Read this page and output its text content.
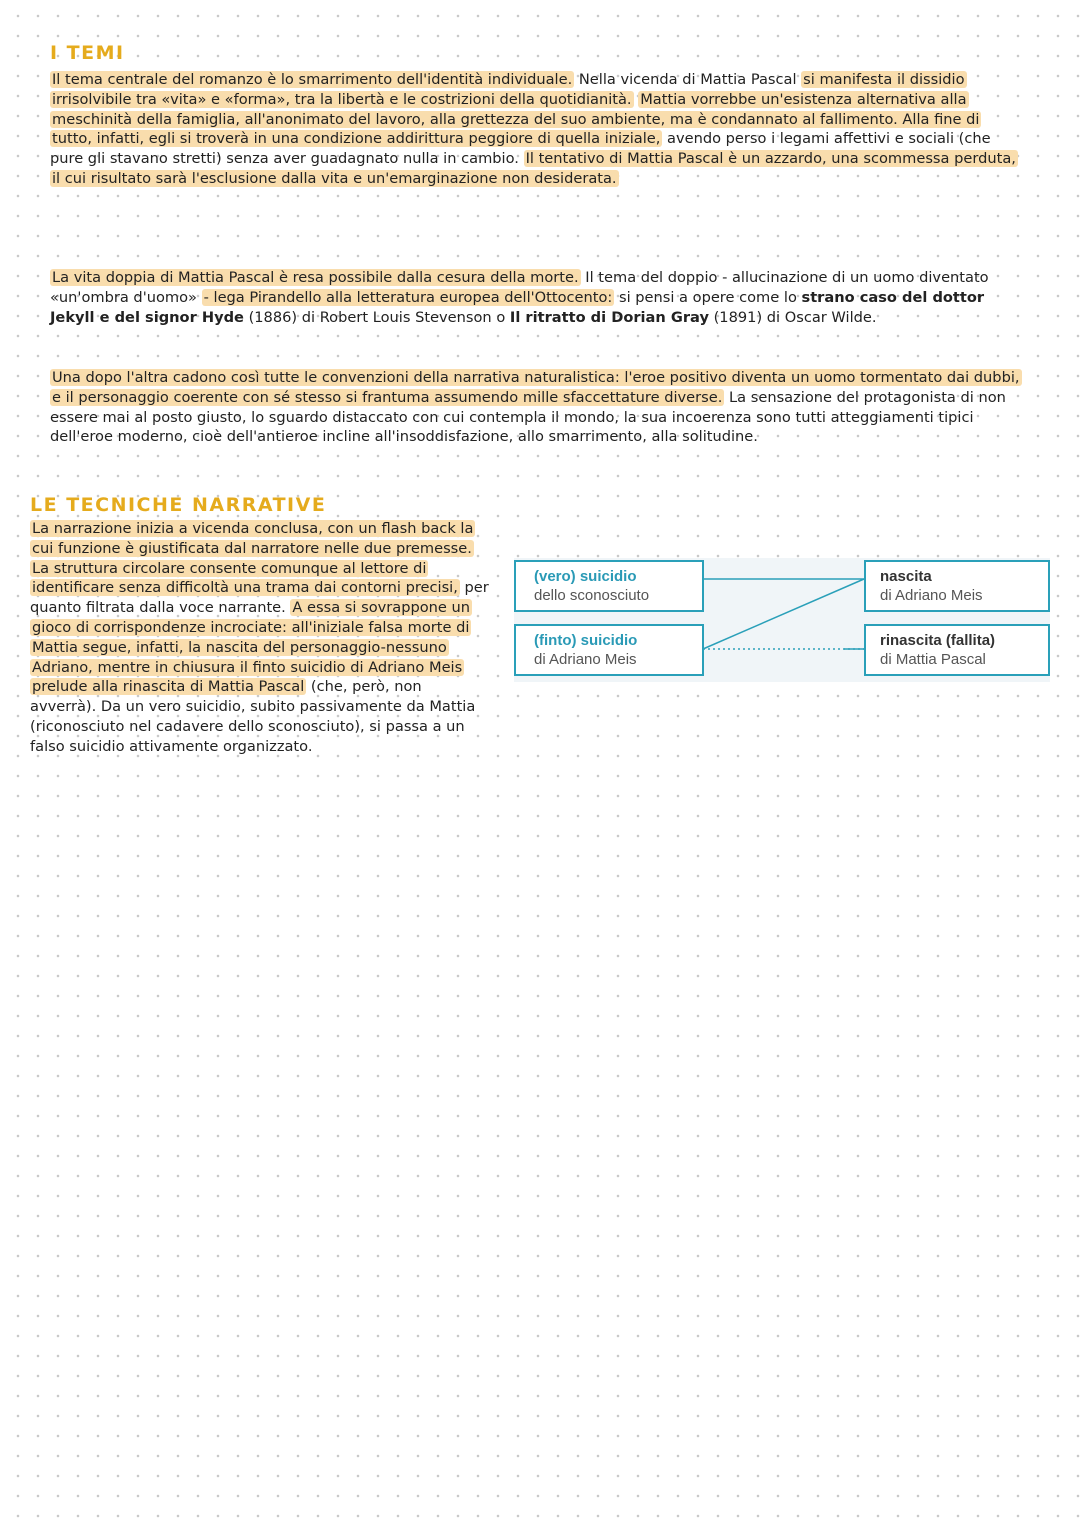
I TEMI

Il tema centrale del romanzo è lo smarrimento dell'identità individuale. Nella vicenda di Mattia Pascal si manifesta il dissidio irrisolvibile tra «vita» e «forma», tra la libertà e le costrizioni della quotidianità. Mattia vorrebbe un'esistenza alternativa alla meschinità della famiglia, all'anonimato del lavoro, alla grettezza del suo ambiente, ma è condannato al fallimento. Alla fine di tutto, infatti, egli si troverà in una condizione addirittura peggiore di quella iniziale, avendo perso i legami affettivi e sociali (che pure gli stavano stretti) senza aver guadagnato nulla in cambio. Il tentativo di Mattia Pascal è un azzardo, una scommessa perduta, il cui risultato sarà l'esclusione dalla vita e un'emarginazione non desiderata.

La vita doppia di Mattia Pascal è resa possibile dalla cesura della morte. Il tema del doppio - allucinazione di un uomo diventato «un'ombra d'uomo» - lega Pirandello alla letteratura europea dell'Ottocento: si pensi a opere come lo strano caso del dottor Jekyll e del signor Hyde (1886) di Robert Louis Stevenson o Il ritratto di Dorian Gray (1891) di Oscar Wilde.

Una dopo l'altra cadono così tutte le convenzioni della narrativa naturalistica: l'eroe positivo diventa un uomo tormentato dai dubbi, e il personaggio coerente con sé stesso si frantuma assumendo mille sfaccettature diverse. La sensazione del protagonista di non essere mai al posto giusto, lo sguardo distaccato con cui contempla il mondo, la sua incoerenza sono tutti atteggiamenti tipici dell'eroe moderno, cioè dell'antieroe incline all'insoddisfazione, allo smarrimento, alla solitudine.

LE TECNICHE NARRATIVE

La narrazione inizia a vicenda conclusa, con un flash back la cui funzione è giustificata dal narratore nelle due premesse. La struttura circolare consente comunque al lettore di identificare senza difficoltà una trama dai contorni precisi, per quanto filtrata dalla voce narrante. A essa si sovrappone un gioco di corrispondenze incrociate: all'iniziale falsa morte di Mattia segue, infatti, la nascita del personaggio-nessuno Adriano, mentre in chiusura il finto suicidio di Adriano Meis prelude alla rinascita di Mattia Pascal (che, però, non avverrà). Da un vero suicidio, subito passivamente da Mattia (riconosciuto nel cadavere dello sconosciuto), si passa a un falso suicidio attivamente organizzato.

(vero) suicidio
dello sconosciuto
(finto) suicidio
di Adriano Meis
nascita
di Adriano Meis
rinascita (fallita)
di Mattia Pascal
